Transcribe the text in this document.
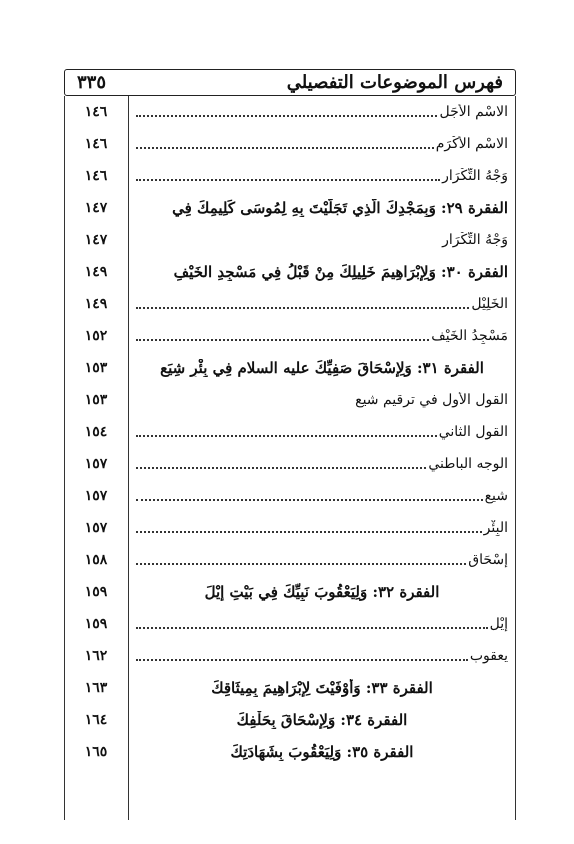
فهرس الموضوعات التفصيلي
٣٣٥
الاسْم الأَجَل
١٤٦
الاسْم الأَكْرَم
١٤٦
وَجْهُ التِّكْرَار
١٤٦
الفقرة ٢٩: وَبِمَجْدِكَ الَّذِي تَجَلَّيْتَ بِهِ لِمُوسَى كَلِيمِكَ فِي
١٤٧
وَجْهُ التِّكْرَار
١٤٧
الفقرة ٣٠: وَلِإِبْرَاهِيمَ خَلِيلِكَ مِنْ قَبْلُ فِي مَسْجِدِ الخَيْفِ
١٤٩
الخَلِيْل
١٤٩
مَسْجِدُ الخَيْف
١٥٢
الفقرة ٣١: وَلِإِسْحَاقَ صَفِيِّكَ عليه السلام فِي بِئْرِ شِيَعٍ
١٥٣
القول الأول في ترقيم شيع
١٥٣
القول الثاني
١٥٤
الوجه الباطني
١٥٧
شيع
١٥٧
البِئْر
١٥٧
إِسْحَاق
١٥٨
الفقرة ٣٢: وَلِيَعْقُوبَ نَبِيِّكَ فِي بَيْتِ إِيْلَ
١٥٩
إِيْل
١٥٩
يعقوب
١٦٢
الفقرة ٣٣: وَأَوْفَيْتَ لِإِبْرَاهِيمَ بِمِيثَاقِكَ
١٦٣
الفقرة ٣٤: وَلِإِسْحَاقَ بِحَلْفِكَ
١٦٤
الفقرة ٣٥: وَلِيَعْقُوبَ بِشَهَادَتِكَ
١٦٥
